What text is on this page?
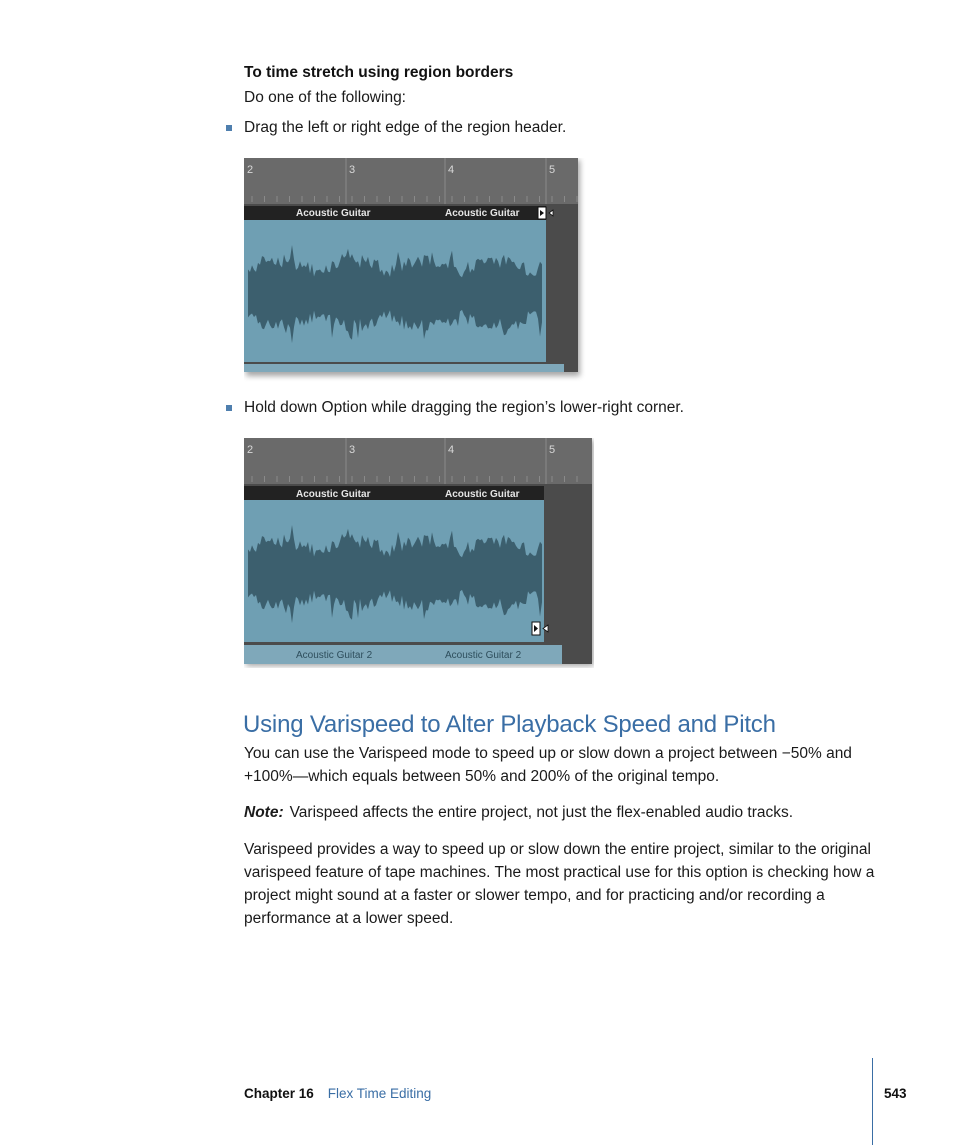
To time stretch using region borders
Do one of the following:
Drag the left or right edge of the region header.
2	3	4	5
Acoustic Guitar	Acoustic Guitar
Hold down Option while dragging the region’s lower-right corner.
2	3	4	5
Acoustic Guitar	Acoustic Guitar
Acoustic Guitar 2	Acoustic Guitar 2
Using Varispeed to Alter Playback Speed and Pitch
You can use the Varispeed mode to speed up or slow down a project between −50% and +100%—which equals between 50% and 200% of the original tempo.
Note: Varispeed affects the entire project, not just the flex-enabled audio tracks.
Varispeed provides a way to speed up or slow down the entire project, similar to the original varispeed feature of tape machines. The most practical use for this option is checking how a project might sound at a faster or slower tempo, and for practicing and/or recording a performance at a lower speed.
Chapter 16 Flex Time Editing	543
